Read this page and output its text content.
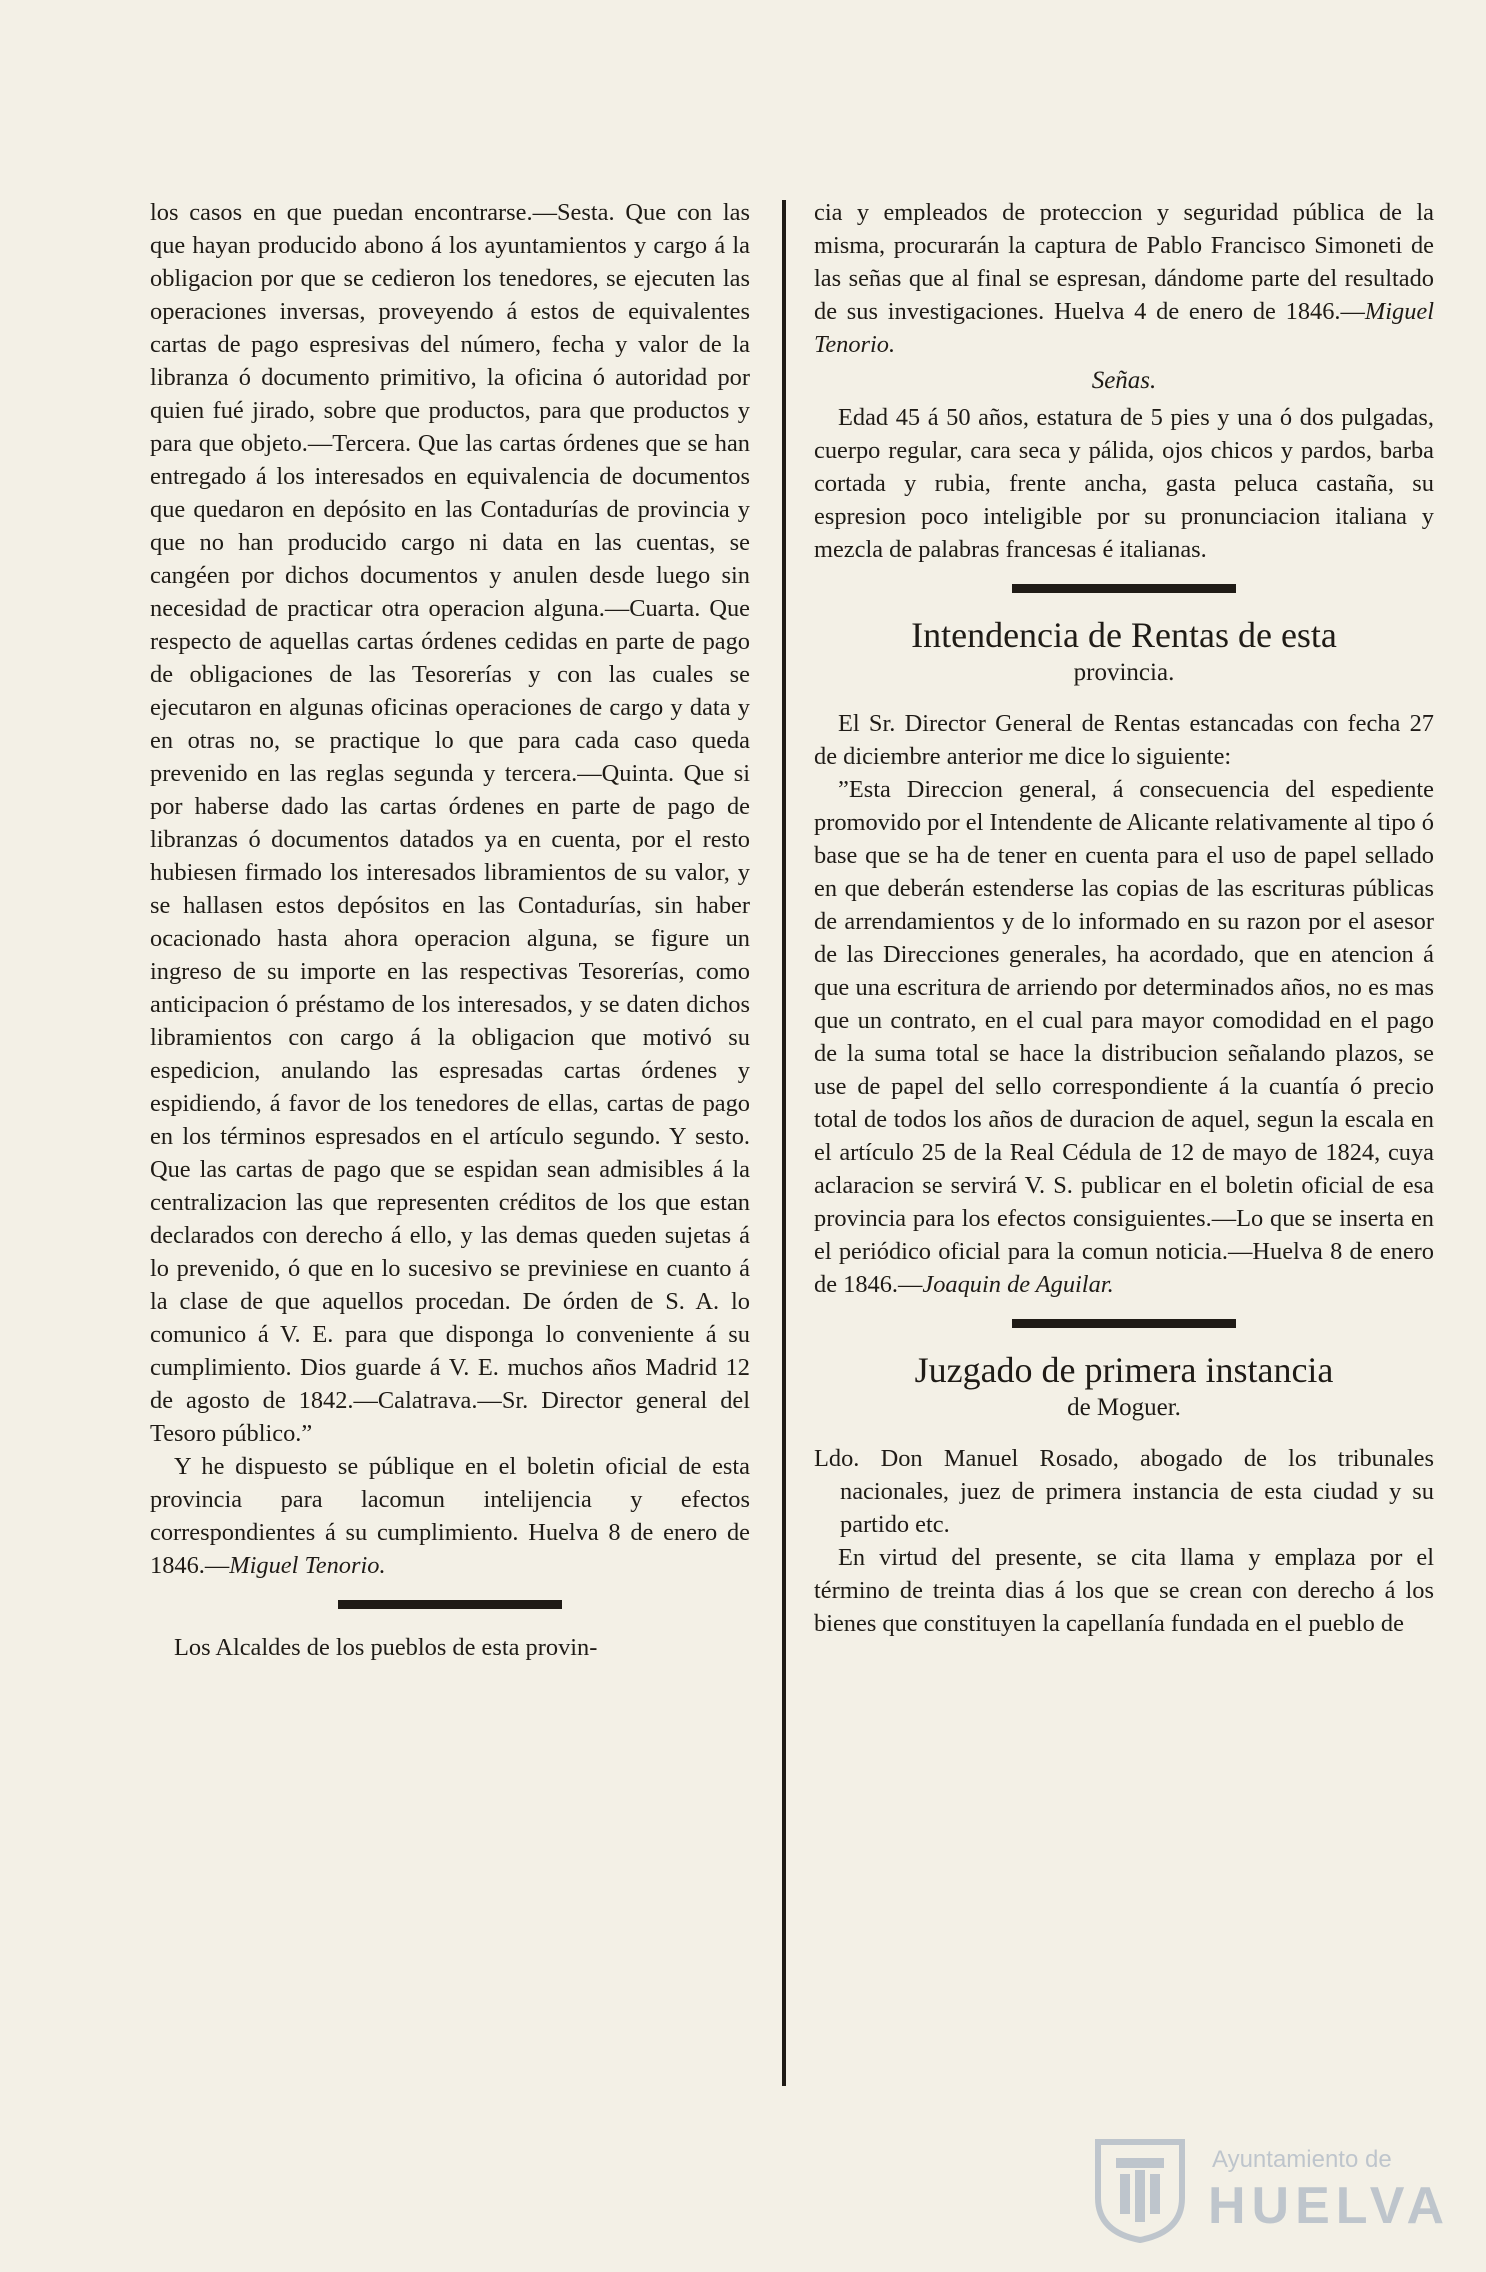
los casos en que puedan encontrarse.—Sesta. Que con las que hayan producido abono á los ayuntamientos y cargo á la obligacion por que se cedieron los tenedores, se ejecuten las operaciones inversas, proveyendo á estos de equivalentes cartas de pago espresivas del número, fecha y valor de la libranza ó documento primitivo, la oficina ó autoridad por quien fué jirado, sobre que productos, para que productos y para que objeto.—Tercera. Que las cartas órdenes que se han entregado á los interesados en equivalencia de documentos que quedaron en depósito en las Contadurías de provincia y que no han producido cargo ni data en las cuentas, se cangéen por dichos documentos y anulen desde luego sin necesidad de practicar otra operacion alguna.—Cuarta. Que respecto de aquellas cartas órdenes cedidas en parte de pago de obligaciones de las Tesorerías y con las cuales se ejecutaron en algunas oficinas operaciones de cargo y data y en otras no, se practique lo que para cada caso queda prevenido en las reglas segunda y tercera.—Quinta. Que si por haberse dado las cartas órdenes en parte de pago de libranzas ó documentos datados ya en cuenta, por el resto hubiesen firmado los interesados libramientos de su valor, y se hallasen estos depósitos en las Contadurías, sin haber ocacionado hasta ahora operacion alguna, se figure un ingreso de su importe en las respectivas Tesorerías, como anticipacion ó préstamo de los interesados, y se daten dichos libramientos con cargo á la obligacion que motivó su espedicion, anulando las espresadas cartas órdenes y espidiendo, á favor de los tenedores de ellas, cartas de pago en los términos espresados en el artículo segundo. Y sesto. Que las cartas de pago que se espidan sean admisibles á la centralizacion las que representen créditos de los que estan declarados con derecho á ello, y las demas queden sujetas á lo prevenido, ó que en lo sucesivo se previniese en cuanto á la clase de que aquellos procedan. De órden de S. A. lo comunico á V. E. para que disponga lo conveniente á su cumplimiento. Dios guarde á V. E. muchos años Madrid 12 de agosto de 1842.—Calatrava.—Sr. Director general del Tesoro público.”

Y he dispuesto se públique en el boletin oficial de esta provincia para lacomun intelijencia y efectos correspondientes á su cumplimiento. Huelva 8 de enero de 1846.—Miguel Tenorio.

Los Alcaldes de los pueblos de esta provin-

cia y empleados de proteccion y seguridad pública de la misma, procurarán la captura de Pablo Francisco Simoneti de las señas que al final se espresan, dándome parte del resultado de sus investigaciones. Huelva 4 de enero de 1846.—Miguel Tenorio.

Señas.

Edad 45 á 50 años, estatura de 5 pies y una ó dos pulgadas, cuerpo regular, cara seca y pálida, ojos chicos y pardos, barba cortada y rubia, frente ancha, gasta peluca castaña, su espresion poco inteligible por su pronunciacion italiana y mezcla de palabras francesas é italianas.

Intendencia de Rentas de esta
provincia.

El Sr. Director General de Rentas estancadas con fecha 27 de diciembre anterior me dice lo siguiente:

”Esta Direccion general, á consecuencia del espediente promovido por el Intendente de Alicante relativamente al tipo ó base que se ha de tener en cuenta para el uso de papel sellado en que deberán estenderse las copias de las escrituras públicas de arrendamientos y de lo informado en su razon por el asesor de las Direcciones generales, ha acordado, que en atencion á que una escritura de arriendo por determinados años, no es mas que un contrato, en el cual para mayor comodidad en el pago de la suma total se hace la distribucion señalando plazos, se use de papel del sello correspondiente á la cuantía ó precio total de todos los años de duracion de aquel, segun la escala en el artículo 25 de la Real Cédula de 12 de mayo de 1824, cuya aclaracion se servirá V. S. publicar en el boletin oficial de esa provincia para los efectos consiguientes.—Lo que se inserta en el periódico oficial para la comun noticia.—Huelva 8 de enero de 1846.—Joaquin de Aguilar.

Juzgado de primera instancia
de Moguer.

Ldo. Don Manuel Rosado, abogado de los tribunales nacionales, juez de primera instancia de esta ciudad y su partido etc.

En virtud del presente, se cita llama y emplaza por el término de treinta dias á los que se crean con derecho á los bienes que constituyen la capellanía fundada en el pueblo de

Ayuntamiento de
HUELVA
